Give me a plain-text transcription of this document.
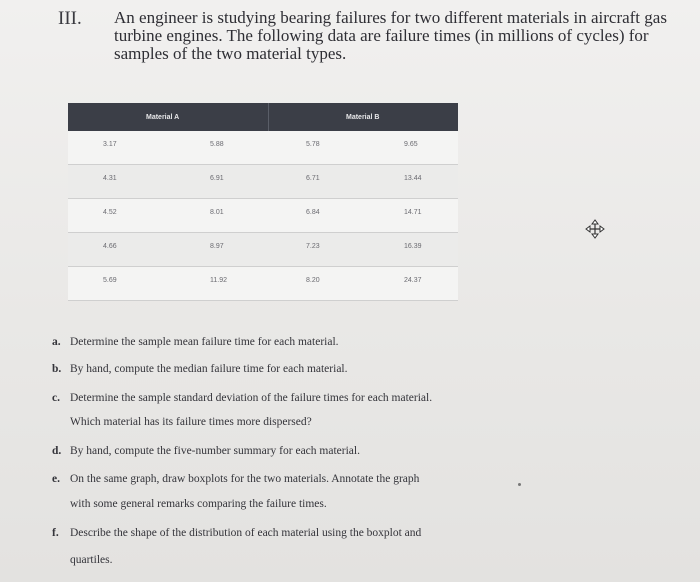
III. An engineer is studying bearing failures for two different materials in aircraft gas
turbine engines. The following data are failure times (in millions of cycles) for
samples of the two material types.
Material A	Material B
3.17	5.88	5.78	9.65
4.31	6.91	6.71	13.44
4.52	8.01	6.84	14.71
4.66	8.97	7.23	16.39
5.69	11.92	8.20	24.37
a. Determine the sample mean failure time for each material.
b. By hand, compute the median failure time for each material.
c. Determine the sample standard deviation of the failure times for each material.
Which material has its failure times more dispersed?
d. By hand, compute the five-number summary for each material.
e. On the same graph, draw boxplots for the two materials. Annotate the graph
with some general remarks comparing the failure times.
f. Describe the shape of the distribution of each material using the boxplot and
quartiles.
